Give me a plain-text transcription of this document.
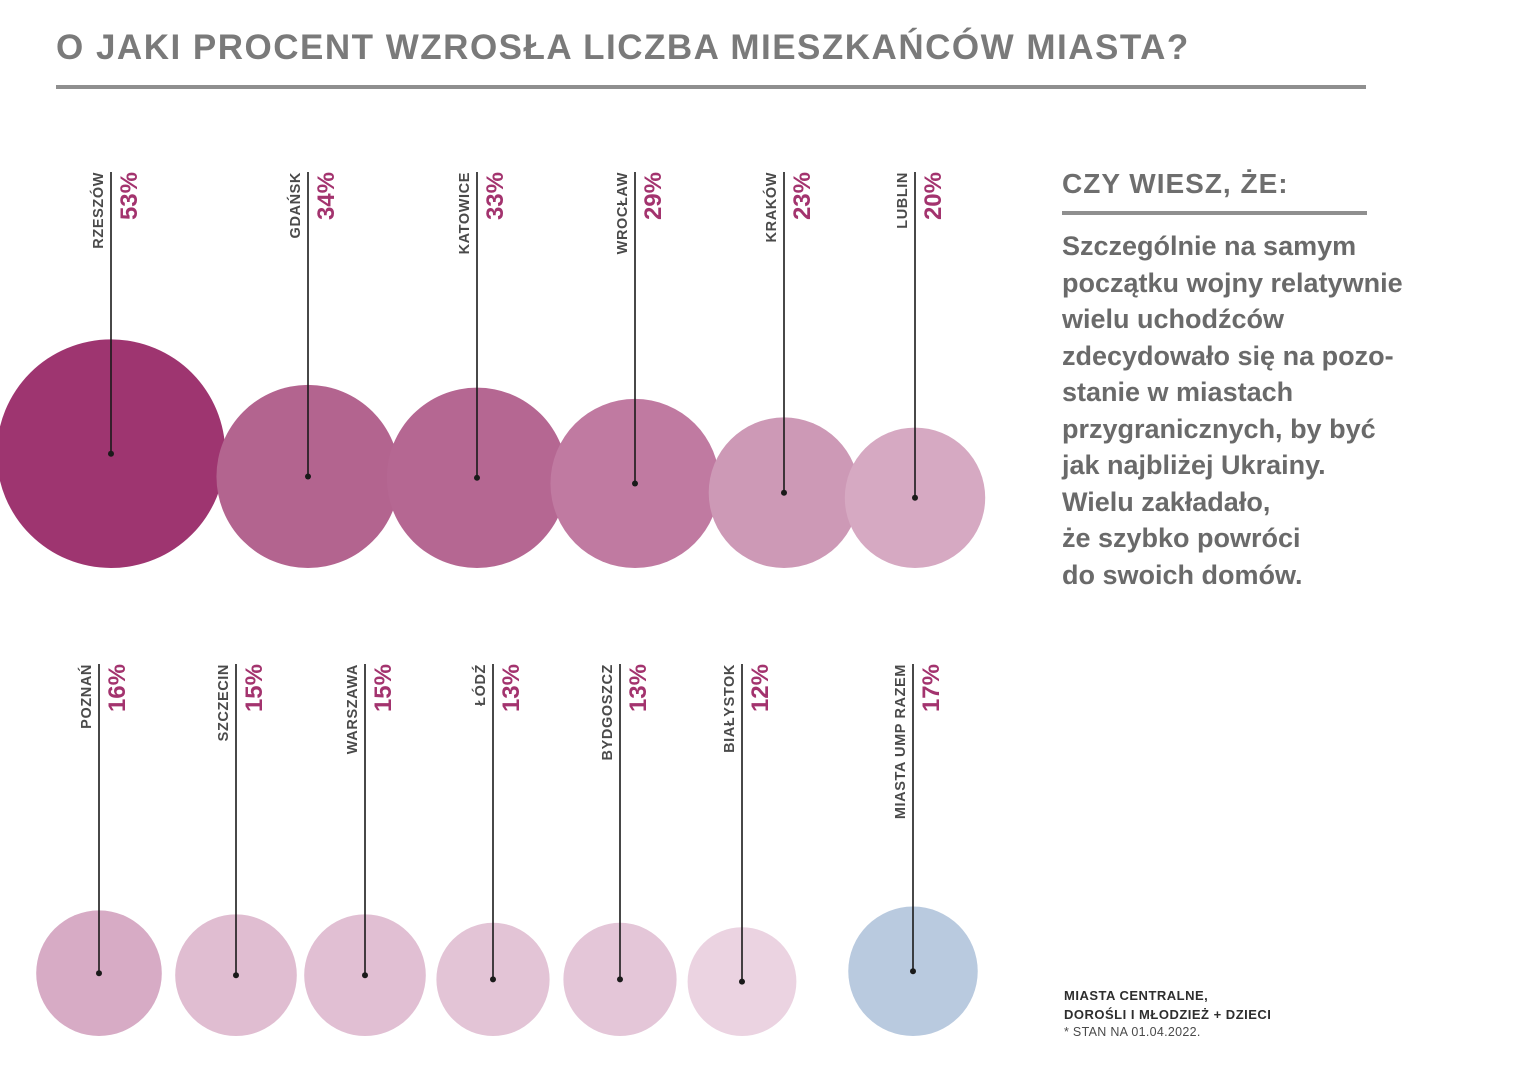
O JAKI PROCENT WZROSŁA LICZBA MIESZKAŃCÓW MIASTA?
RZESZÓW 53%	GDAŃSK 34%	KATOWICE 33%	WROCŁAW 29%	KRAKÓW 23%	LUBLIN 20%
POZNAŃ 16%	SZCZECIN 15%	WARSZAWA 15%	ŁÓDŹ 13%	BYDGOSZCZ 13%	BIAŁYSTOK 12%	MIASTA UMP RAZEM 17%
CZY WIESZ, ŻE:
Szczególnie na samym
początku wojny relatywnie
wielu uchodźców
zdecydowało się na pozo-
stanie w miastach
przygranicznych, by być
jak najbliżej Ukrainy.
Wielu zakładało,
że szybko powróci
do swoich domów.
MIASTA CENTRALNE,
DOROŚLI I MŁODZIEŻ + DZIECI
* STAN NA 01.04.2022.
